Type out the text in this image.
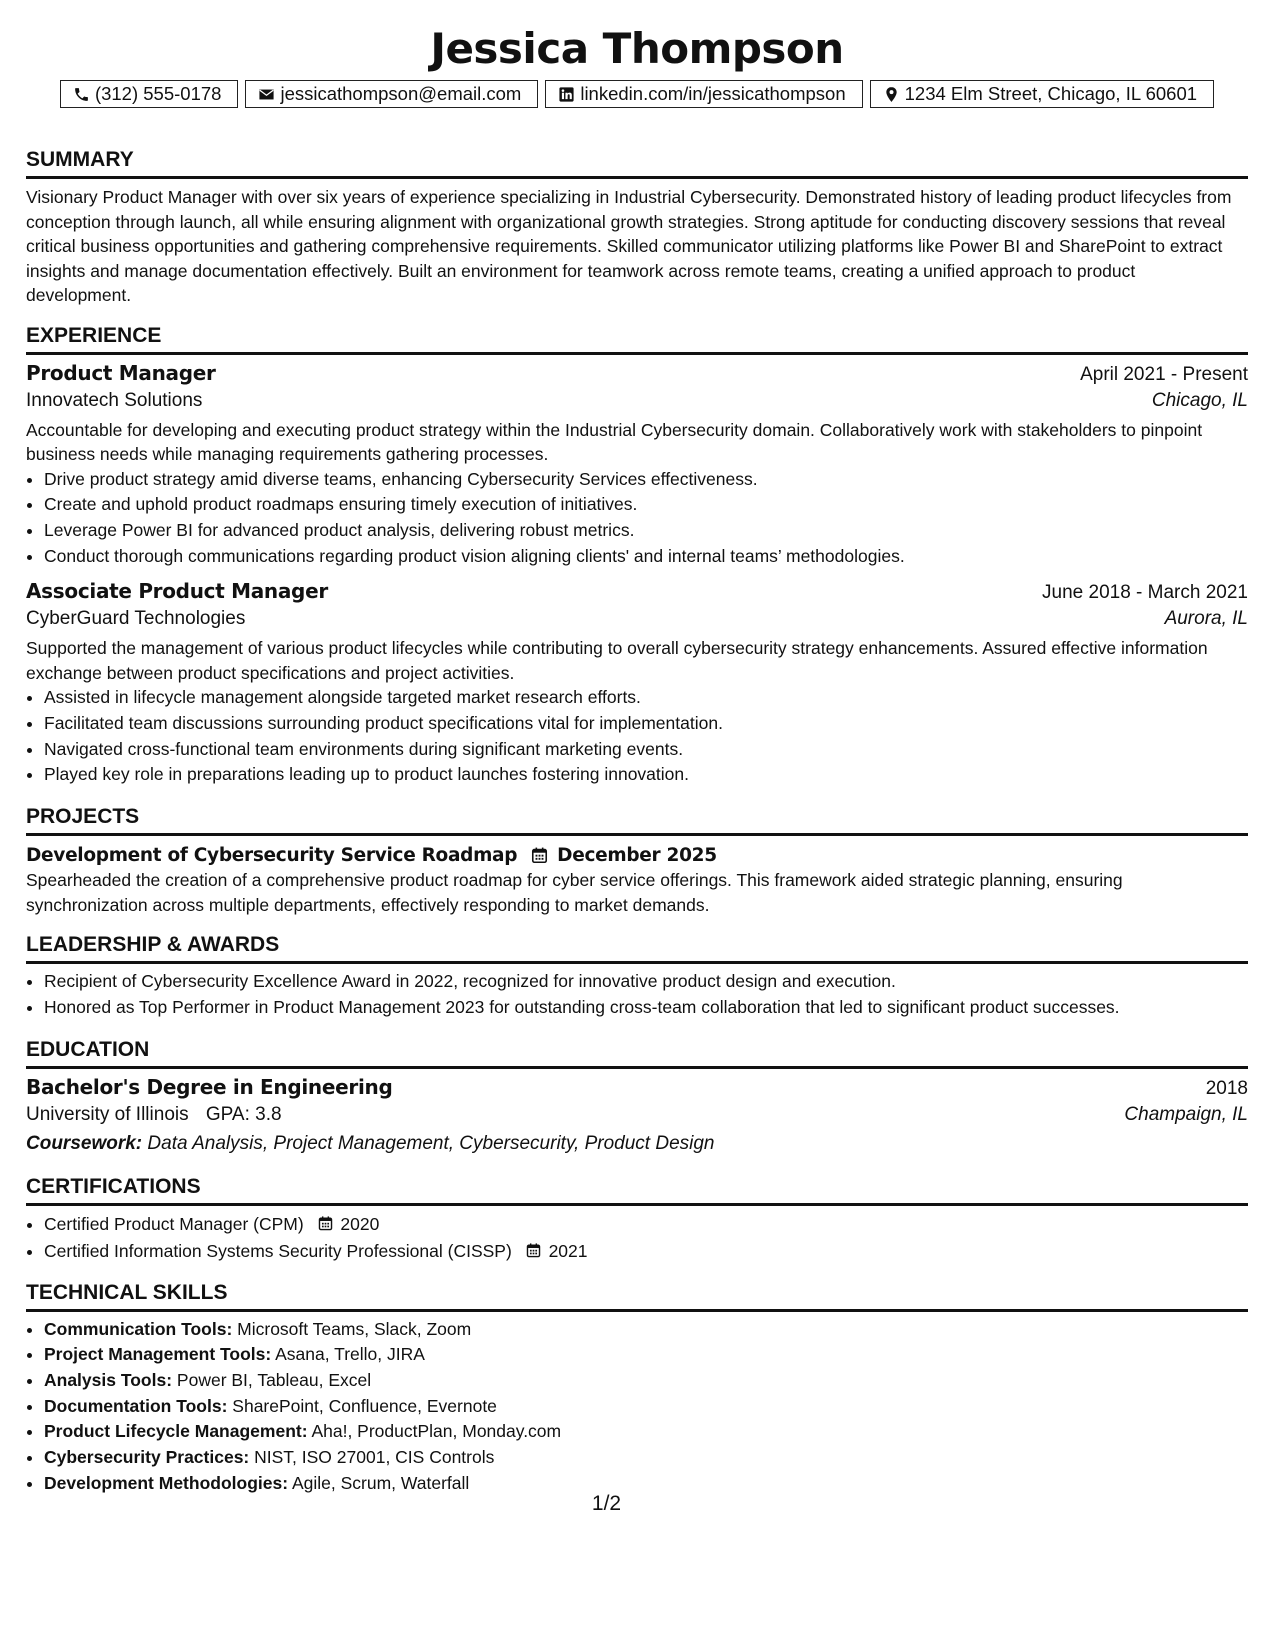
Jessica Thompson
(312) 555-0178	jessicathompson@email.com	linkedin.com/in/jessicathompson	1234 Elm Street, Chicago, IL 60601
SUMMARY

Visionary Product Manager with over six years of experience specializing in Industrial Cybersecurity. Demonstrated history of leading product lifecycles from conception through launch, all while ensuring alignment with organizational growth strategies. Strong aptitude for conducting discovery sessions that reveal critical business opportunities and gathering comprehensive requirements. Skilled communicator utilizing platforms like Power BI and SharePoint to extract insights and manage documentation effectively. Built an environment for teamwork across remote teams, creating a unified approach to product development.

EXPERIENCE
Product Manager	April 2021 - Present
Innovatech Solutions	Chicago, IL

Accountable for developing and executing product strategy within the Industrial Cybersecurity domain. Collaboratively work with stakeholders to pinpoint business needs while managing requirements gathering processes.

• Drive product strategy amid diverse teams, enhancing Cybersecurity Services effectiveness.
• Create and uphold product roadmaps ensuring timely execution of initiatives.
• Leverage Power BI for advanced product analysis, delivering robust metrics.
• Conduct thorough communications regarding product vision aligning clients' and internal teams’ methodologies.
Associate Product Manager	June 2018 - March 2021
CyberGuard Technologies	Aurora, IL

Supported the management of various product lifecycles while contributing to overall cybersecurity strategy enhancements. Assured effective information exchange between product specifications and project activities.

• Assisted in lifecycle management alongside targeted market research efforts.
• Facilitated team discussions surrounding product specifications vital for implementation.
• Navigated cross-functional team environments during significant marketing events.
• Played key role in preparations leading up to product launches fostering innovation.
PROJECTS
Development of Cybersecurity Service Roadmap December 2025

Spearheaded the creation of a comprehensive product roadmap for cyber service offerings. This framework aided strategic planning, ensuring synchronization across multiple departments, effectively responding to market demands.

LEADERSHIP & AWARDS
• Recipient of Cybersecurity Excellence Award in 2022, recognized for innovative product design and execution.
• Honored as Top Performer in Product Management 2023 for outstanding cross-team collaboration that led to significant product successes.
EDUCATION
Bachelor's Degree in Engineering	2018
University of Illinois GPA: 3.8	Champaign, IL
Coursework: Data Analysis, Project Management, Cybersecurity, Product Design
CERTIFICATIONS
• Certified Product Manager (CPM) 2020
• Certified Information Systems Security Professional (CISSP) 2021
TECHNICAL SKILLS
• Communication Tools: Microsoft Teams, Slack, Zoom
• Project Management Tools: Asana, Trello, JIRA
• Analysis Tools: Power BI, Tableau, Excel
• Documentation Tools: SharePoint, Confluence, Evernote
• Product Lifecycle Management: Aha!, ProductPlan, Monday.com
• Cybersecurity Practices: NIST, ISO 27001, CIS Controls
• Development Methodologies: Agile, Scrum, Waterfall
1/2
